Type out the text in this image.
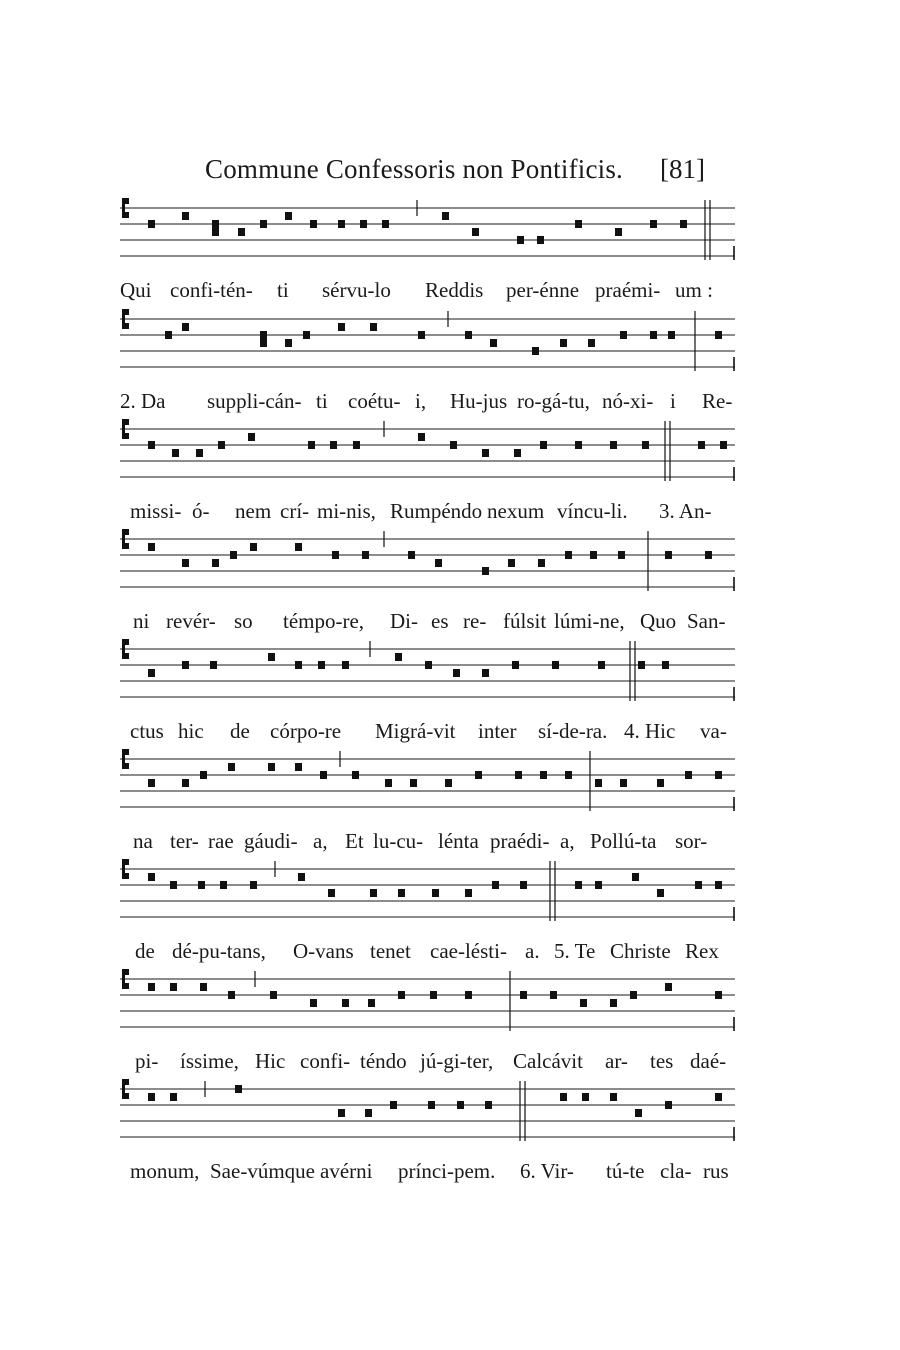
Commune Confessoris non Pontificis. [81]
Qui confi-tén- ti sérvu-lo Reddis per-énne praémi- um :
2. Da suppli-cán- ti coétu- i, Hu-jus ro-gá-tu, nó-xi- i Re-
missi- ó- nem crí- mi-nis, Rumpéndo nexum víncu-li. 3. An-
ni revér- so témpo-re, Di- es re- fúlsit lúmi-ne, Quo San-
ctus hic de córpo-re Migrá-vit inter sí-de-ra. 4. Hic va-
na ter- rae gáudi- a, Et lu-cu- lénta praédi- a, Pollú-ta sor-
de dé-pu-tans, O-vans tenet cae-lésti- a. 5. Te Christe Rex
pi- íssime, Hic confi- téndo jú-gi-ter, Calcávit ar- tes daé-
monum, Sae-vúmque avérni prínci-pem. 6. Vir- tú-te cla- rus
